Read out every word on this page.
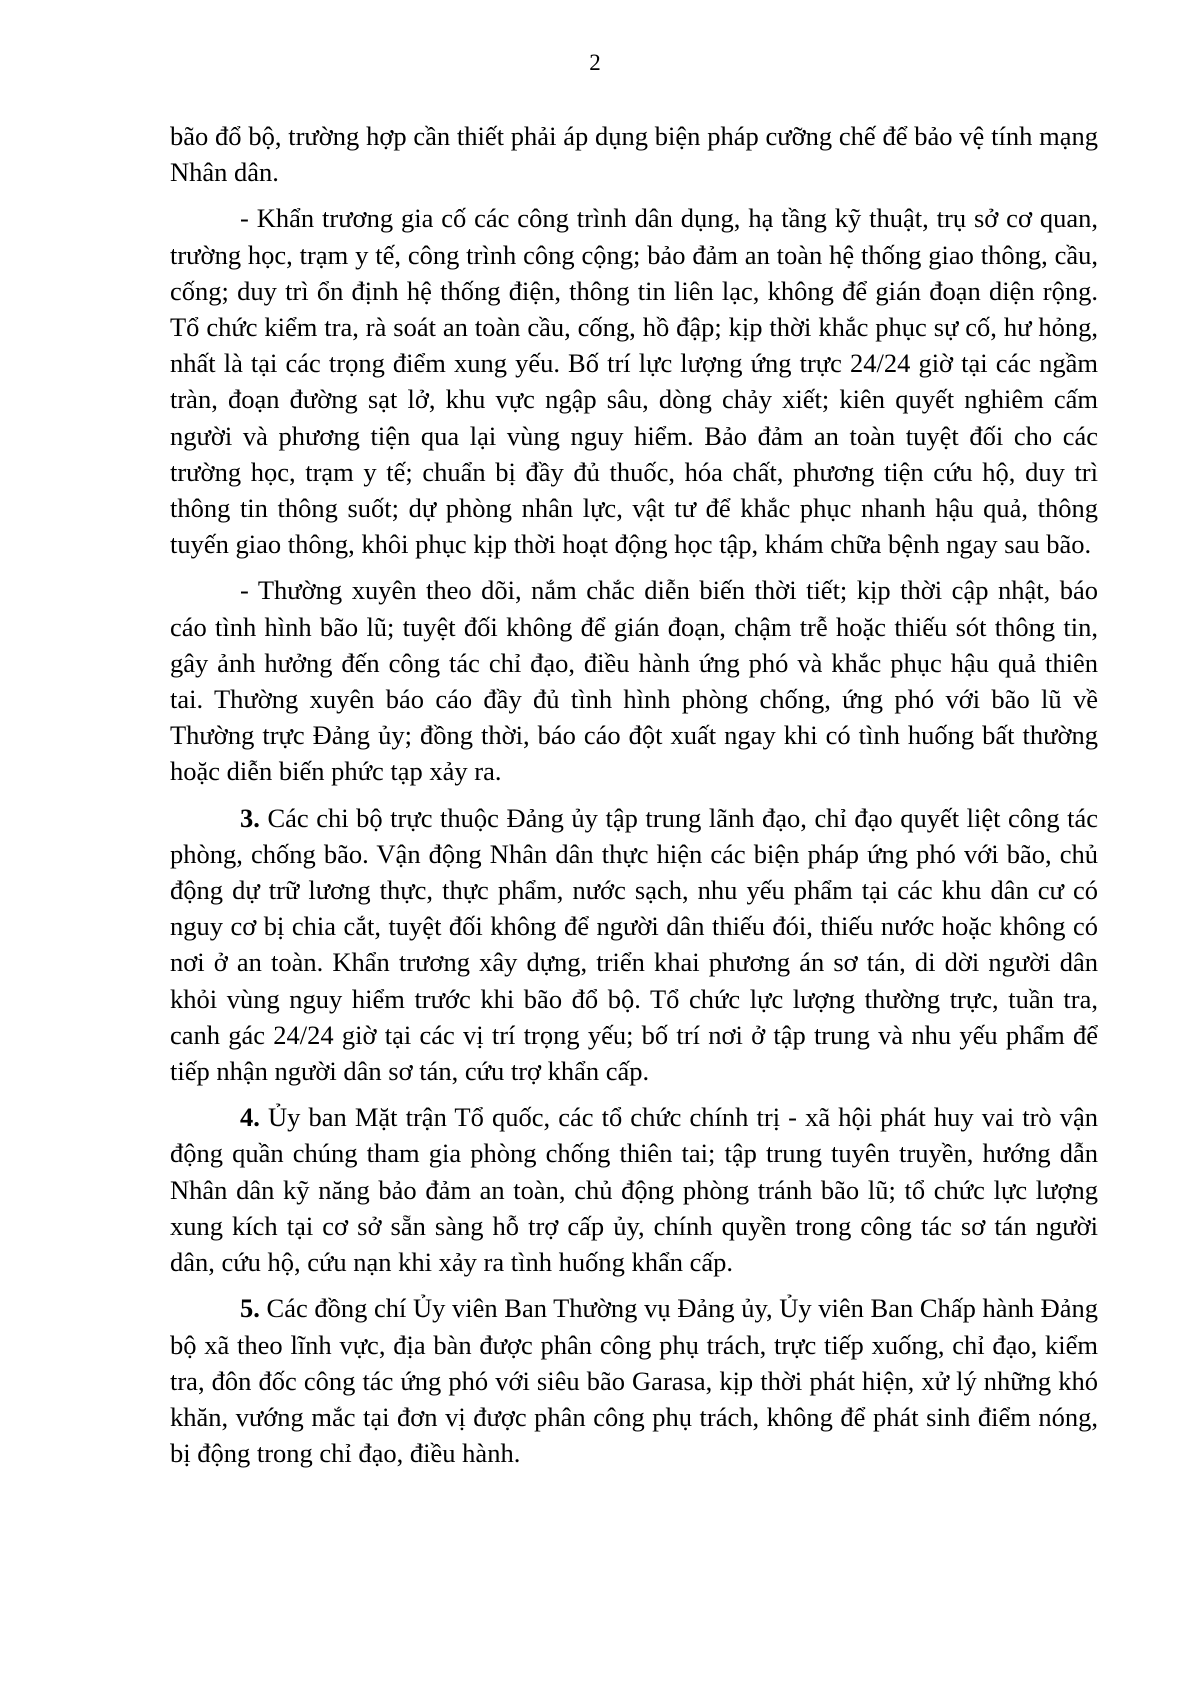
2

bão đổ bộ, trường hợp cần thiết phải áp dụng biện pháp cưỡng chế để bảo vệ tính mạng Nhân dân.

- Khẩn trương gia cố các công trình dân dụng, hạ tầng kỹ thuật, trụ sở cơ quan, trường học, trạm y tế, công trình công cộng; bảo đảm an toàn hệ thống giao thông, cầu, cống; duy trì ổn định hệ thống điện, thông tin liên lạc, không để gián đoạn diện rộng. Tổ chức kiểm tra, rà soát an toàn cầu, cống, hồ đập; kịp thời khắc phục sự cố, hư hỏng, nhất là tại các trọng điểm xung yếu. Bố trí lực lượng ứng trực 24/24 giờ tại các ngầm tràn, đoạn đường sạt lở, khu vực ngập sâu, dòng chảy xiết; kiên quyết nghiêm cấm người và phương tiện qua lại vùng nguy hiểm. Bảo đảm an toàn tuyệt đối cho các trường học, trạm y tế; chuẩn bị đầy đủ thuốc, hóa chất, phương tiện cứu hộ, duy trì thông tin thông suốt; dự phòng nhân lực, vật tư để khắc phục nhanh hậu quả, thông tuyến giao thông, khôi phục kịp thời hoạt động học tập, khám chữa bệnh ngay sau bão.

- Thường xuyên theo dõi, nắm chắc diễn biến thời tiết; kịp thời cập nhật, báo cáo tình hình bão lũ; tuyệt đối không để gián đoạn, chậm trễ hoặc thiếu sót thông tin, gây ảnh hưởng đến công tác chỉ đạo, điều hành ứng phó và khắc phục hậu quả thiên tai. Thường xuyên báo cáo đầy đủ tình hình phòng chống, ứng phó với bão lũ về Thường trực Đảng ủy; đồng thời, báo cáo đột xuất ngay khi có tình huống bất thường hoặc diễn biến phức tạp xảy ra.

3. Các chi bộ trực thuộc Đảng ủy tập trung lãnh đạo, chỉ đạo quyết liệt công tác phòng, chống bão. Vận động Nhân dân thực hiện các biện pháp ứng phó với bão, chủ động dự trữ lương thực, thực phẩm, nước sạch, nhu yếu phẩm tại các khu dân cư có nguy cơ bị chia cắt, tuyệt đối không để người dân thiếu đói, thiếu nước hoặc không có nơi ở an toàn. Khẩn trương xây dựng, triển khai phương án sơ tán, di dời người dân khỏi vùng nguy hiểm trước khi bão đổ bộ. Tổ chức lực lượng thường trực, tuần tra, canh gác 24/24 giờ tại các vị trí trọng yếu; bố trí nơi ở tập trung và nhu yếu phẩm để tiếp nhận người dân sơ tán, cứu trợ khẩn cấp.

4. Ủy ban Mặt trận Tổ quốc, các tổ chức chính trị - xã hội phát huy vai trò vận động quần chúng tham gia phòng chống thiên tai; tập trung tuyên truyền, hướng dẫn Nhân dân kỹ năng bảo đảm an toàn, chủ động phòng tránh bão lũ; tổ chức lực lượng xung kích tại cơ sở sẵn sàng hỗ trợ cấp ủy, chính quyền trong công tác sơ tán người dân, cứu hộ, cứu nạn khi xảy ra tình huống khẩn cấp.

5. Các đồng chí Ủy viên Ban Thường vụ Đảng ủy, Ủy viên Ban Chấp hành Đảng bộ xã theo lĩnh vực, địa bàn được phân công phụ trách, trực tiếp xuống, chỉ đạo, kiểm tra, đôn đốc công tác ứng phó với siêu bão Garasa, kịp thời phát hiện, xử lý những khó khăn, vướng mắc tại đơn vị được phân công phụ trách, không để phát sinh điểm nóng, bị động trong chỉ đạo, điều hành.
